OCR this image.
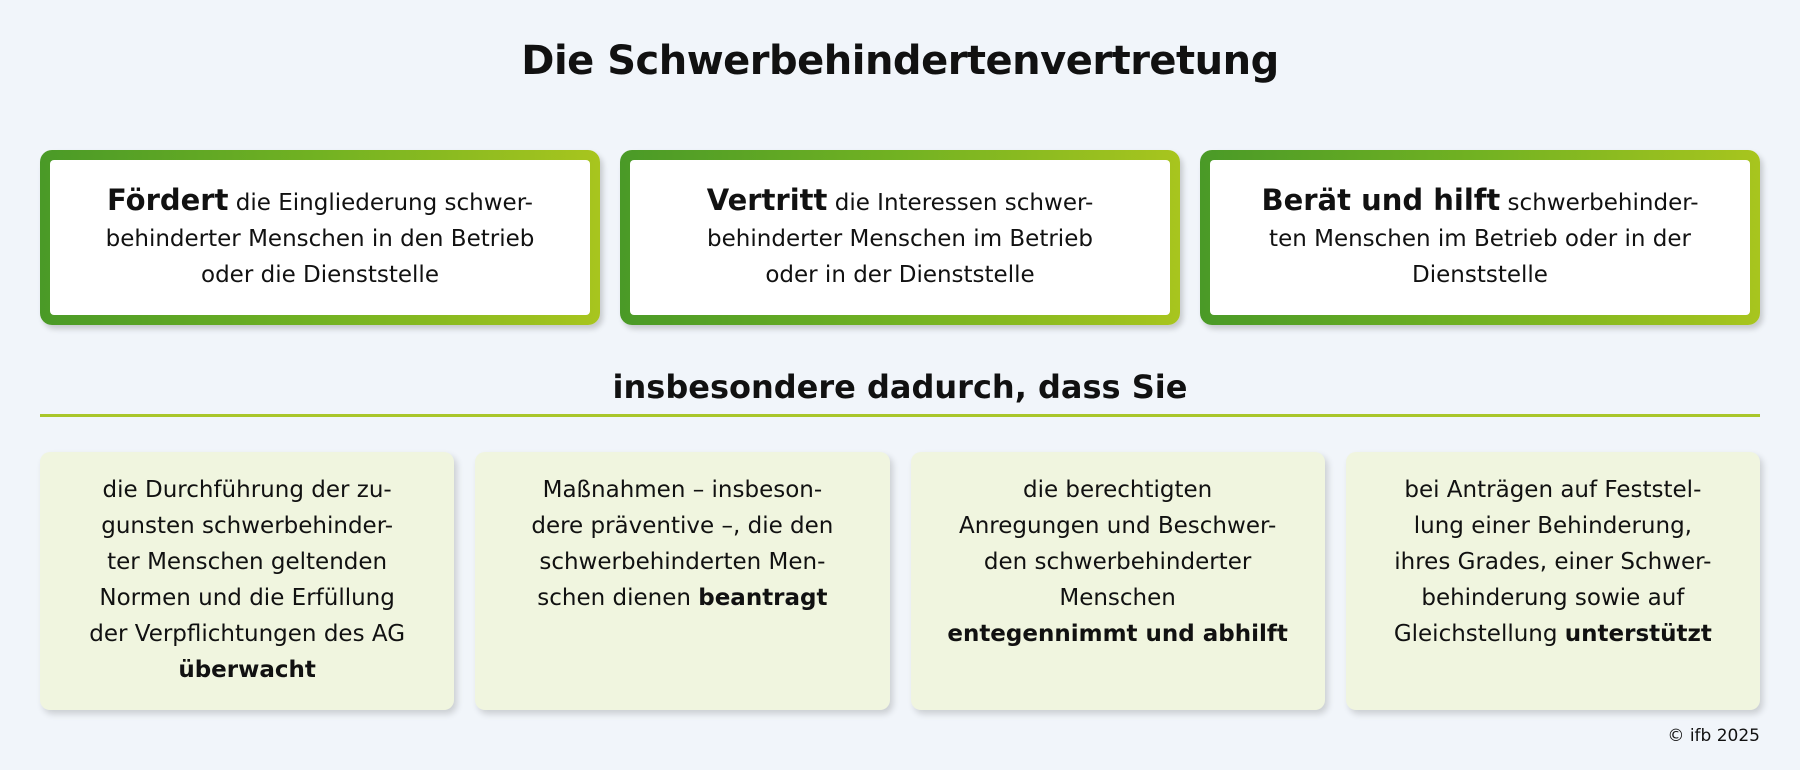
Die Schwerbehindertenvertretung
Fördert die Eingliederung schwer-
behinderter Menschen in den Betrieb
oder die Dienststelle
Vertritt die Interessen schwer-
behinderter Menschen im Betrieb
oder in der Dienststelle
Berät und hilft schwerbehinder-
ten Menschen im Betrieb oder in der
Dienststelle
insbesondere dadurch, dass Sie
die Durchführung der zu-
gunsten schwerbehinder-
ter Menschen geltenden
Normen und die Erfüllung
der Verpflichtungen des AG
überwacht
Maßnahmen – insbeson-
dere präventive –, die den
schwerbehinderten Men-
schen dienen beantragt
die berechtigten
Anregungen und Beschwer-
den schwerbehinderter
Menschen
entegennimmt und abhilft
bei Anträgen auf Feststel-
lung einer Behinderung,
ihres Grades, einer Schwer-
behinderung sowie auf
Gleichstellung unterstützt

© ifb 2025
